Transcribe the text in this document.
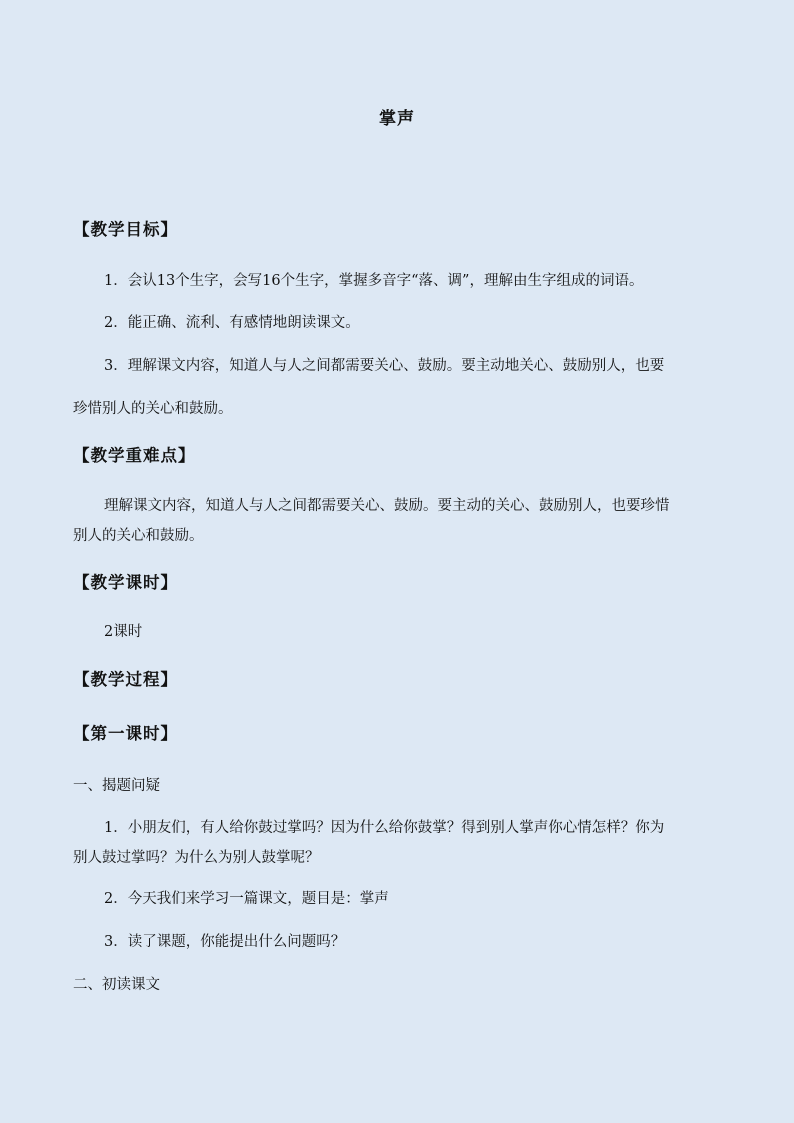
掌声
【教学目标】
1．会认13个生字，会写16个生字，掌握多音字“落、调”，理解由生字组成的词语。
2．能正确、流利、有感情地朗读课文。
3．理解课文内容，知道人与人之间都需要关心、鼓励。要主动地关心、鼓励别人，也要
珍惜别人的关心和鼓励。
【教学重难点】
理解课文内容，知道人与人之间都需要关心、鼓励。要主动的关心、鼓励别人，也要珍惜
别人的关心和鼓励。
【教学课时】
2课时
【教学过程】
【第一课时】
一、揭题问疑
1．小朋友们，有人给你鼓过掌吗？因为什么给你鼓掌？得到别人掌声你心情怎样？你为
别人鼓过掌吗？为什么为别人鼓掌呢？
2．今天我们来学习一篇课文，题目是：掌声
3．读了课题，你能提出什么问题吗？
二、初读课文
